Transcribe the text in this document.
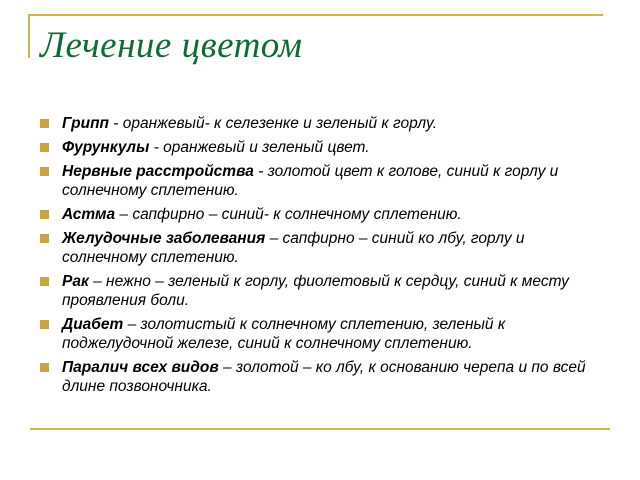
Лечение цветом
Грипп - оранжевый- к селезенке и зеленый к горлу.
Фурункулы - оранжевый и зеленый цвет.
Нервные расстройства - золотой цвет к голове, синий к горлу и солнечному сплетению.
Астма – сапфирно – синий- к солнечному сплетению.
Желудочные заболевания – сапфирно – синий ко лбу, горлу и солнечному сплетению.
Рак – нежно – зеленый к горлу, фиолетовый к сердцу, синий к месту проявления боли.
Диабет – золотистый к солнечному сплетению, зеленый к поджелудочной железе, синий к солнечному сплетению.
Паралич всех видов – золотой – ко лбу, к основанию черепа и по всей длине позвоночника.
